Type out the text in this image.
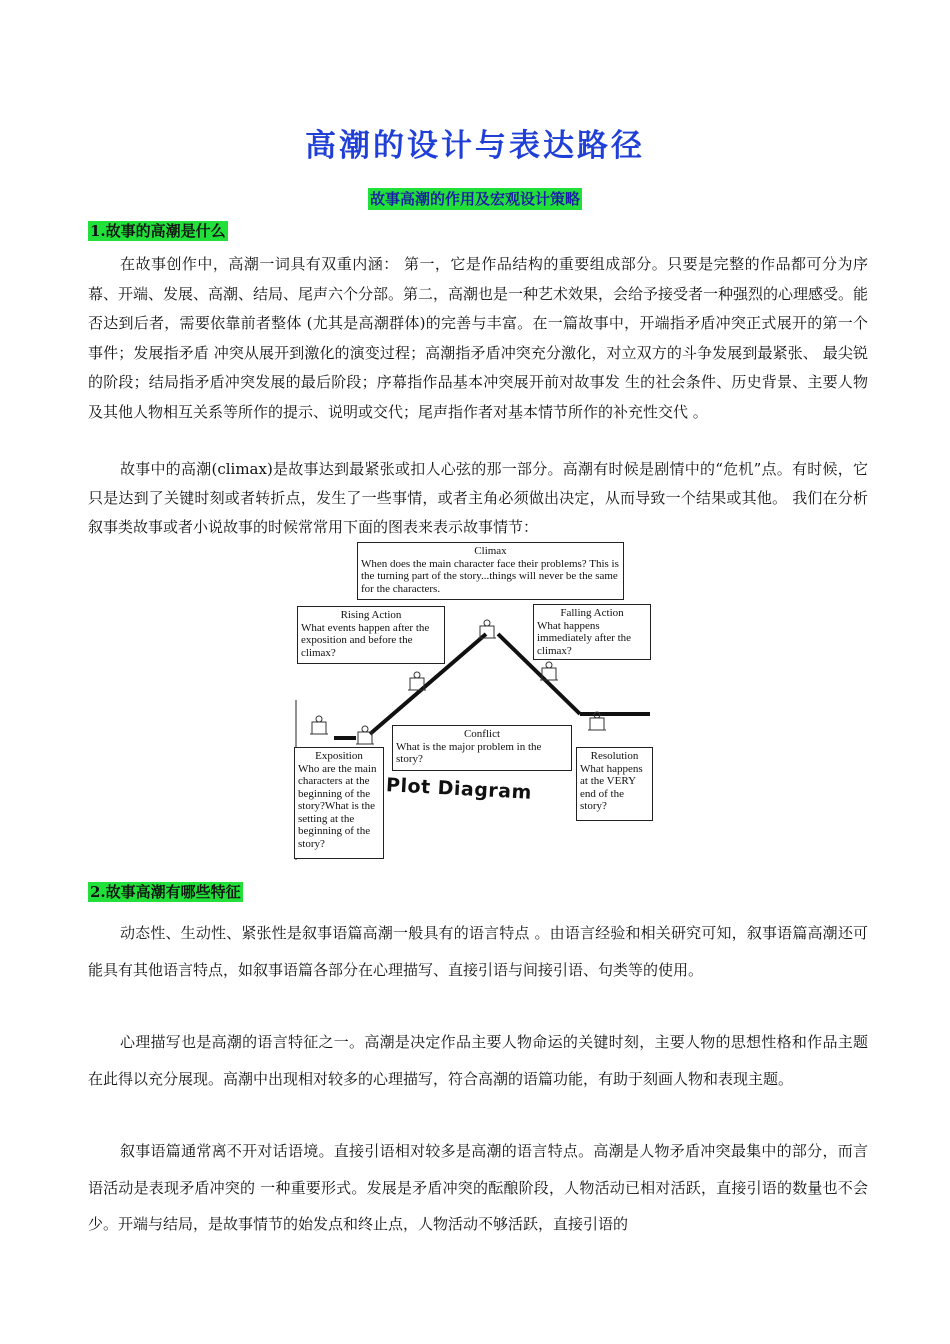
高潮的设计与表达路径
故事高潮的作用及宏观设计策略
1.故事的高潮是什么

在故事创作中，高潮一词具有双重内涵： 第一，它是作品结构的重要组成部分。只要是完整的作品都可分为序幕、开端、发展、高潮、结局、尾声六个分部。第二，高潮也是一种艺术效果，会给予接受者一种强烈的心理感受。能否达到后者，需要依靠前者整体 (尤其是高潮群体)的完善与丰富。在一篇故事中，开端指矛盾冲突正式展开的第一个事件；发展指矛盾 冲突从展开到激化的演变过程；高潮指矛盾冲突充分激化，对立双方的斗争发展到最紧张、 最尖锐的阶段；结局指矛盾冲突发展的最后阶段；序幕指作品基本冲突展开前对故事发 生的社会条件、历史背景、主要人物及其他人物相互关系等所作的提示、说明或交代；尾声指作者对基本情节所作的补充性交代 。

故事中的高潮(climax)是故事达到最紧张或扣人心弦的那一部分。高潮有时候是剧情中的“危机”点。有时候，它只是达到了关键时刻或者转折点，发生了一些事情，或者主角必须做出决定，从而导致一个结果或其他。 我们在分析叙事类故事或者小说故事的时候常常用下面的图表来表示故事情节：

Climax
When does the main character face their problems? This is the turning part of the story...things will never be the same for the characters.
Rising Action
What events happen after the exposition and before the climax?
Falling Action
What happens immediately after the climax?
Conflict
What is the major problem in the story?
Exposition
Who are the main characters at the beginning of the story?What is the setting at the beginning of the story?
Resolution
What happens at the VERY end of the story?
Plot Diagram
2.故事高潮有哪些特征

动态性、生动性、紧张性是叙事语篇高潮一般具有的语言特点 。由语言经验和相关研究可知，叙事语篇高潮还可能具有其他语言特点，如叙事语篇各部分在心理描写、直接引语与间接引语、句类等的使用。

心理描写也是高潮的语言特征之一。高潮是决定作品主要人物命运的关键时刻，主要人物的思想性格和作品主题在此得以充分展现。高潮中出现相对较多的心理描写，符合高潮的语篇功能，有助于刻画人物和表现主题。

叙事语篇通常离不开对话语境。直接引语相对较多是高潮的语言特点。高潮是人物矛盾冲突最集中的部分，而言语活动是表现矛盾冲突的 一种重要形式。发展是矛盾冲突的酝酿阶段，人物活动已相对活跃，直接引语的数量也不会少。开端与结局，是故事情节的始发点和终止点，人物活动不够活跃，直接引语的
